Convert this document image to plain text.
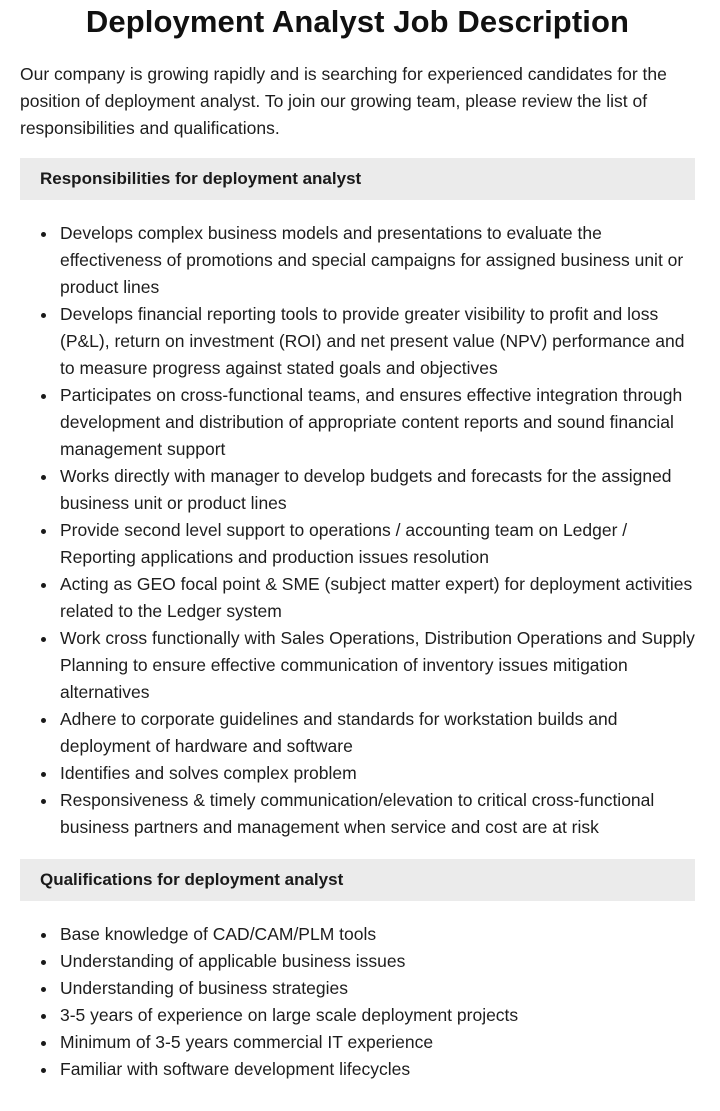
Deployment Analyst Job Description

Our company is growing rapidly and is searching for experienced candidates for the position of deployment analyst. To join our growing team, please review the list of responsibilities and qualifications.

Responsibilities for deployment analyst
Develops complex business models and presentations to evaluate the effectiveness of promotions and special campaigns for assigned business unit or product lines
Develops financial reporting tools to provide greater visibility to profit and loss (P&L), return on investment (ROI) and net present value (NPV) performance and to measure progress against stated goals and objectives
Participates on cross-functional teams, and ensures effective integration through development and distribution of appropriate content reports and sound financial management support
Works directly with manager to develop budgets and forecasts for the assigned business unit or product lines
Provide second level support to operations / accounting team on Ledger / Reporting applications and production issues resolution
Acting as GEO focal point & SME (subject matter expert) for deployment activities related to the Ledger system
Work cross functionally with Sales Operations, Distribution Operations and Supply Planning to ensure effective communication of inventory issues mitigation alternatives
Adhere to corporate guidelines and standards for workstation builds and deployment of hardware and software
Identifies and solves complex problem
Responsiveness & timely communication/elevation to critical cross-functional business partners and management when service and cost are at risk
Qualifications for deployment analyst
Base knowledge of CAD/CAM/PLM tools
Understanding of applicable business issues
Understanding of business strategies
3-5 years of experience on large scale deployment projects
Minimum of 3-5 years commercial IT experience
Familiar with software development lifecycles
